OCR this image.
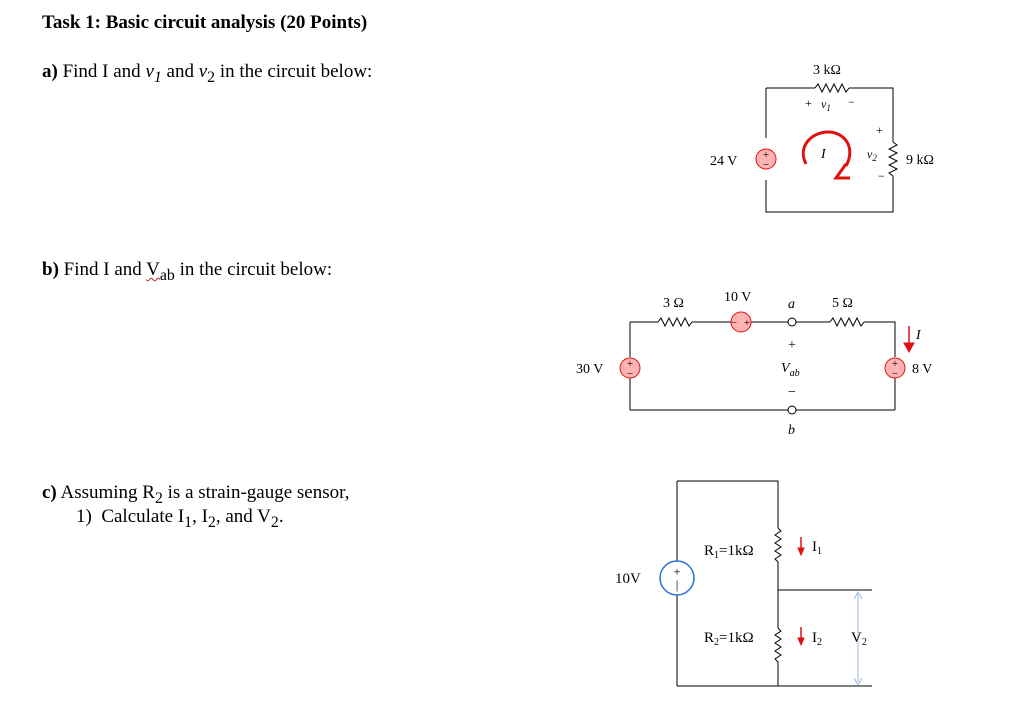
Task 1: Basic circuit analysis (20 Points)
a) Find I and $v_1$ and $v_2$ in the circuit below:
b) Find I and $V_{ab}$ in the circuit below:
c) Assuming $R_2$ is a strain-gauge sensor,
1) Calculate $I_1$, $I_2$, and $V_2$.
+
−
24 V
3 kΩ
+ $v_1$ −
I
+
$v_2$
−
9 kΩ
− +
+
−
+
−
30 V
3 Ω	10 V	a
+
$V_{ab}$
−
b
5 Ω
I
8 V
+
|
10V
$R_1=1k\Omega$
$R_2=1k\Omega$
$I_1$
$I_2$ $V_2$
